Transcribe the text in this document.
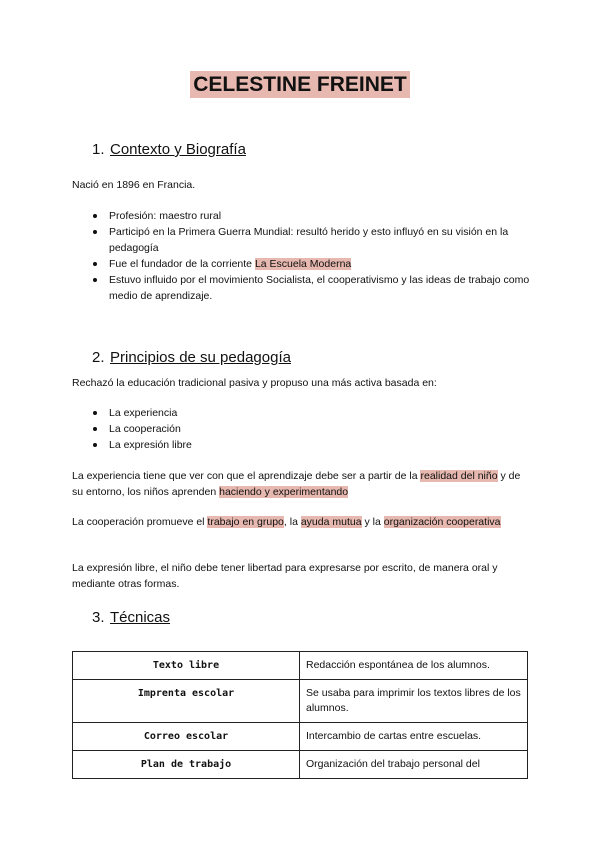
CELESTINE FREINET
1. Contexto y Biografía
Nació en 1896 en Francia.
Profesión: maestro rural
Participó en la Primera Guerra Mundial: resultó herido y esto influyó en su visión en la pedagogía
Fue el fundador de la corriente La Escuela Moderna
Estuvo influido por el movimiento Socialista, el cooperativismo y las ideas de trabajo como medio de aprendizaje.
2. Principios de su pedagogía
Rechazó la educación tradicional pasiva y propuso una más activa basada en:
La experiencia
La cooperación
La expresión libre
La experiencia tiene que ver con que el aprendizaje debe ser a partir de la realidad del niño y de su entorno, los niños aprenden haciendo y experimentando
La cooperación promueve el trabajo en grupo, la ayuda mutua y la organización cooperativa
La expresión libre, el niño debe tener libertad para expresarse por escrito, de manera oral y mediante otras formas.
3. Técnicas
Texto libre	Redacción espontánea de los alumnos.
Imprenta escolar	Se usaba para imprimir los textos libres de los alumnos.
Correo escolar	Intercambio de cartas entre escuelas.
Plan de trabajo	Organización del trabajo personal del
